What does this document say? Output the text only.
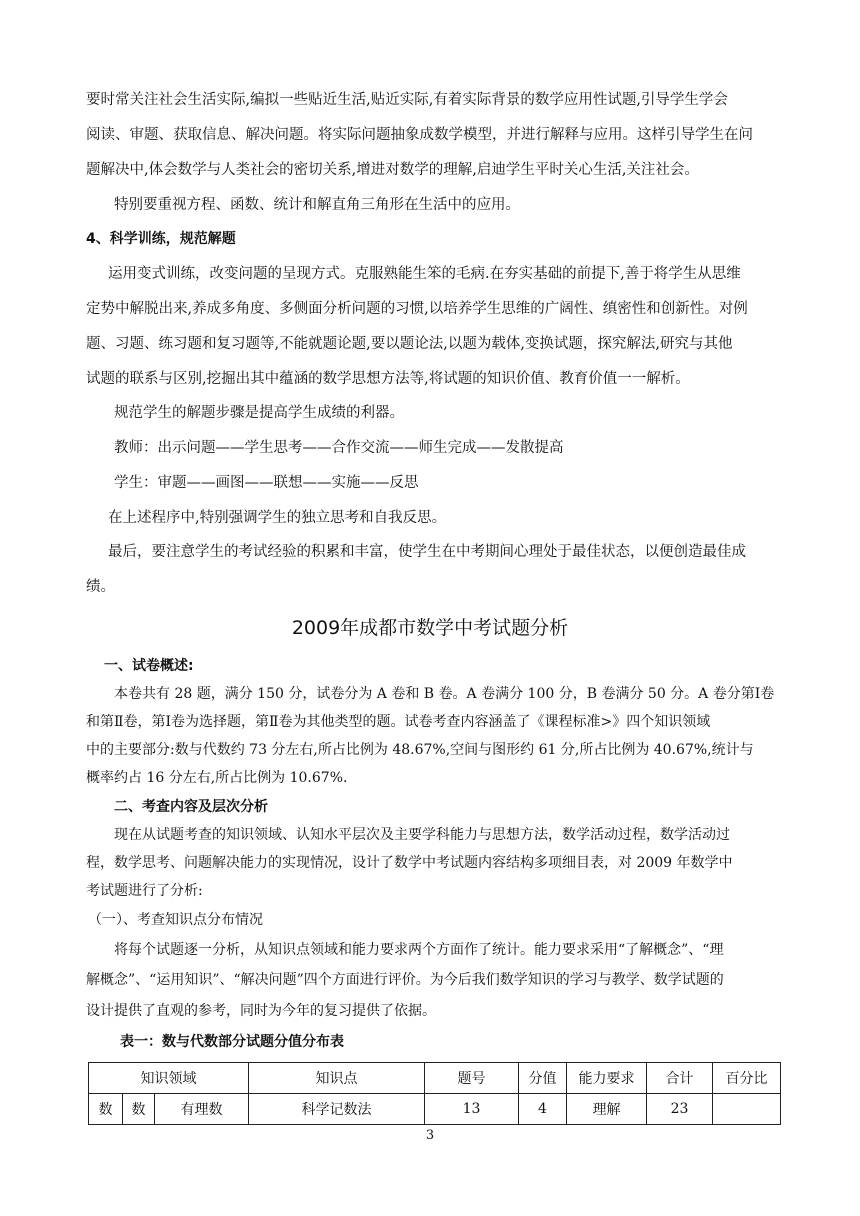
要时常关注社会生活实际,编拟一些贴近生活,贴近实际,有着实际背景的数学应用性试题,引导学生学会
阅读、审题、获取信息、解决问题。将实际问题抽象成数学模型，并进行解释与应用。这样引导学生在问
题解决中,体会数学与人类社会的密切关系,增进对数学的理解,启迪学生平时关心生活,关注社会。
特别要重视方程、函数、统计和解直角三角形在生活中的应用。
4、科学训练，规范解题
运用变式训练，改变问题的呈现方式。克服熟能生笨的毛病.在夯实基础的前提下,善于将学生从思维
定势中解脱出来,养成多角度、多侧面分析问题的习惯,以培养学生思维的广阔性、缜密性和创新性。对例
题、习题、练习题和复习题等,不能就题论题,要以题论法,以题为载体,变换试题，探究解法,研究与其他
试题的联系与区别,挖掘出其中蕴涵的数学思想方法等,将试题的知识价值、教育价值一一解析。
规范学生的解题步骤是提高学生成绩的利器。
教师：出示问题——学生思考——合作交流——师生完成——发散提高
学生：审题——画图——联想——实施——反思
在上述程序中,特别强调学生的独立思考和自我反思。
最后，要注意学生的考试经验的积累和丰富，使学生在中考期间心理处于最佳状态，以便创造最佳成
绩。
2009年成都市数学中考试题分析
一、试卷概述:
本卷共有 28 题，满分 150 分，试卷分为 A 卷和 B 卷。A 卷满分 100 分，B 卷满分 50 分。A 卷分第Ⅰ卷
和第Ⅱ卷，第Ⅰ卷为选择题，第Ⅱ卷为其他类型的题。试卷考查内容涵盖了《课程标准>》四个知识领域
中的主要部分:数与代数约 73 分左右,所占比例为 48.67%,空间与图形约 61 分,所占比例为 40.67%,统计与
概率约占 16 分左右,所占比例为 10.67%.
二、考查内容及层次分析
现在从试题考查的知识领域、认知水平层次及主要学科能力与思想方法，数学活动过程，数学活动过
程，数学思考、问题解决能力的实现情况，设计了数学中考试题内容结构多项细目表，对 2009 年数学中
考试题进行了分析:
（一）、考查知识点分布情况
将每个试题逐一分析，从知识点领域和能力要求两个方面作了统计。能力要求采用“了解概念”、“理
解概念”、“运用知识”、“解决问题”四个方面进行评价。为今后我们数学知识的学习与教学、数学试题的
设计提供了直观的参考，同时为今年的复习提供了依据。
表一：数与代数部分试题分值分布表
知识领域			知识点	题号	分值	能力要求	合计	百分比
数	数	有理数	科学记数法	13	4	理解	23	
3
